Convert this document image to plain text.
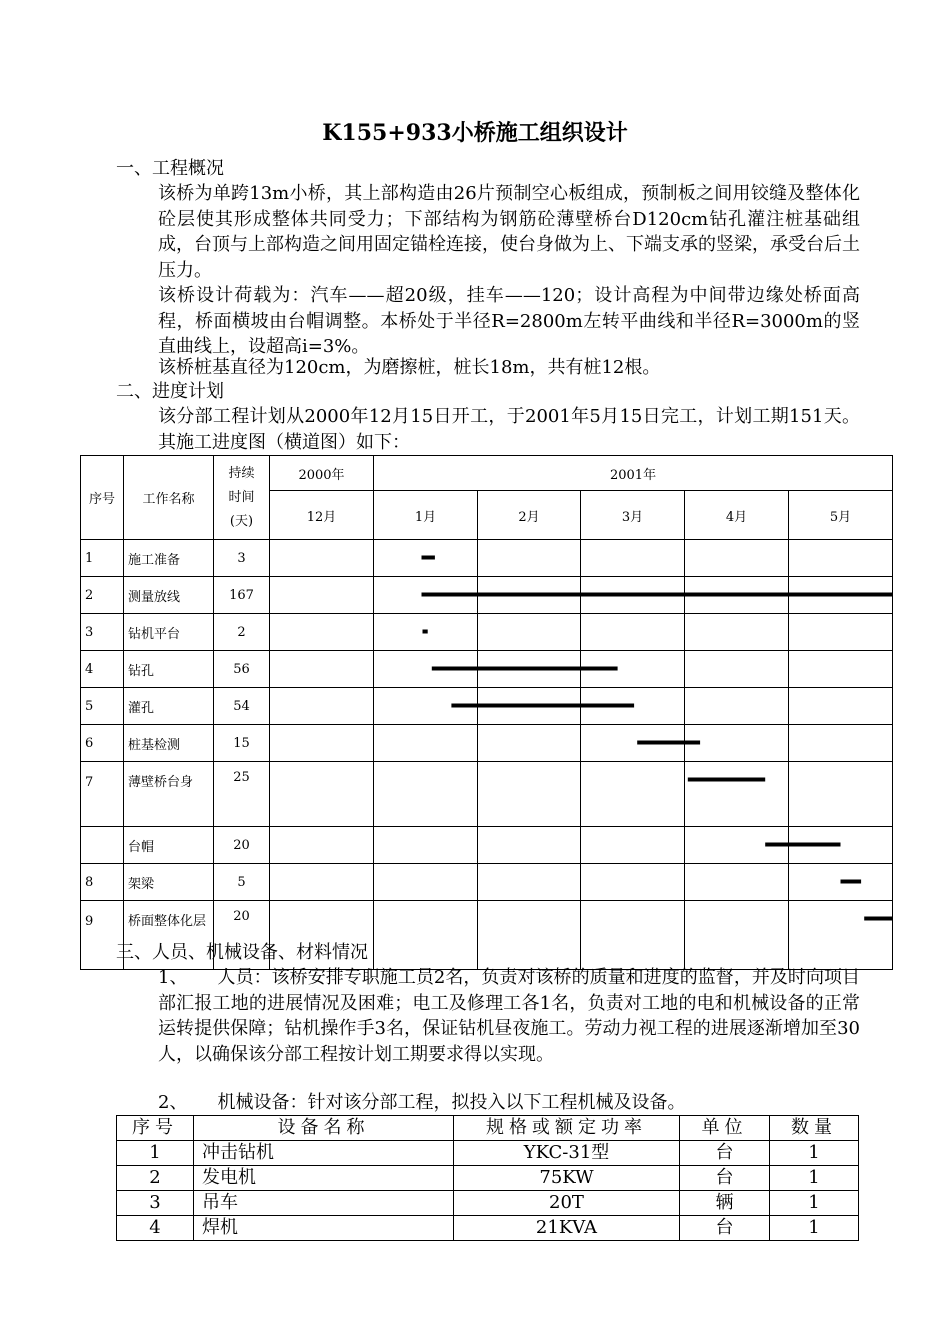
K155+933小桥施工组织设计
一、工程概况
该桥为单跨13m小桥，其上部构造由26片预制空心板组成，预制板之间用铰缝及整体化砼层使其形成整体共同受力；下部结构为钢筋砼薄壁桥台D120cm钻孔灌注桩基础组成，台顶与上部构造之间用固定锚栓连接，使台身做为上、下端支承的竖梁，承受台后土压力。
该桥设计荷载为：汽车——超20级，挂车——120；设计高程为中间带边缘处桥面高程，桥面横坡由台帽调整。本桥处于半径R=2800m左转平曲线和半径R=3000m的竖直曲线上，设超高i=3%。
该桥桩基直径为120cm，为磨擦桩，桩长18m，共有桩12根。
二、进度计划
该分部工程计划从2000年12月15日开工，于2001年5月15日完工，计划工期151天。其施工进度图（横道图）如下：
序号	工作名称	持续
时间
(天)	2000年	2001年				
			12月	1月	2月	3月	4月	5月
1	施工准备	3						
2	测量放线	167						
3	钻机平台	2						
4	钻孔	56						
5	灌孔	54						
6	桩基检测	15						
7	薄壁桥台身	25						
	台帽	20						
8	架梁	5						
9	桥面整体化层	20						
三、人员、机械设备、材料情况
1、 人员：该桥安排专职施工员2名，负责对该桥的质量和进度的监督，并及时向项目部汇报工地的进展情况及困难；电工及修理工各1名，负责对工地的电和机械设备的正常运转提供保障；钻机操作手3名，保证钻机昼夜施工。劳动力视工程的进展逐渐增加至30人，以确保该分部工程按计划工期要求得以实现。
2、 机械设备：针对该分部工程，拟投入以下工程机械及设备。
序号	设备名称	规格或额定功率	单位	数量
1	冲击钻机	YKC-31型	台	1
2	发电机	75KW	台	1
3	吊车	20T	辆	1
4	焊机	21KVA	台	1
